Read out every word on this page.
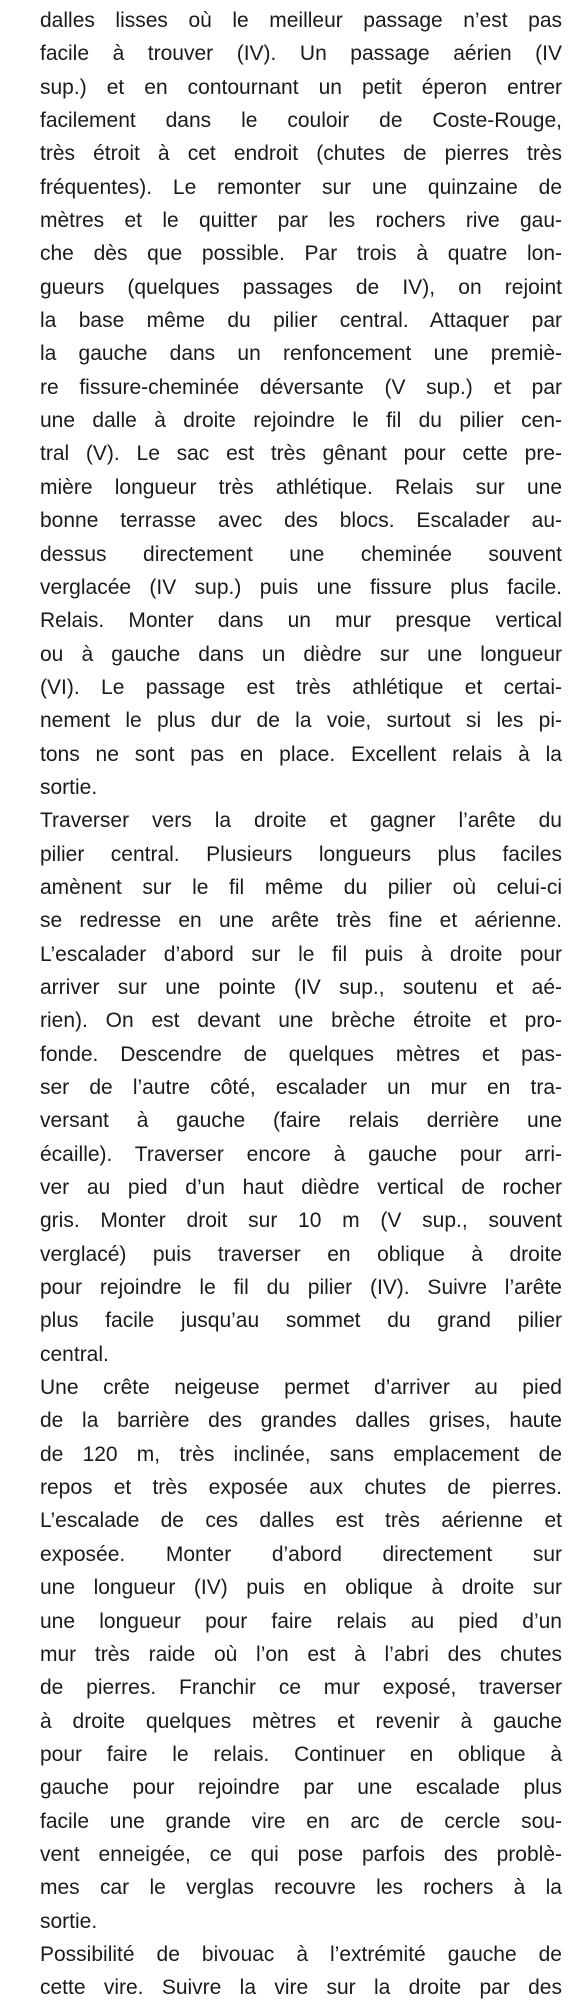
dalles lisses où le meilleur passage n’est pas

facile à trouver (IV). Un passage aérien (IV

sup.) et en contournant un petit éperon entrer

facilement dans le couloir de Coste-Rouge,

très étroit à cet endroit (chutes de pierres très

fréquentes). Le remonter sur une quinzaine de

mètres et le quitter par les rochers rive gau-

che dès que possible. Par trois à quatre lon-

gueurs (quelques passages de IV), on rejoint

la base même du pilier central. Attaquer par

la gauche dans un renfoncement une premiè-

re fissure-cheminée déversante (V sup.) et par

une dalle à droite rejoindre le fil du pilier cen-

tral (V). Le sac est très gênant pour cette pre-

mière longueur très athlétique. Relais sur une

bonne terrasse avec des blocs. Escalader au-

dessus directement une cheminée souvent

verglacée (IV sup.) puis une fissure plus facile.

Relais. Monter dans un mur presque vertical

ou à gauche dans un dièdre sur une longueur

(VI). Le passage est très athlétique et certai-

nement le plus dur de la voie, surtout si les pi-

tons ne sont pas en place. Excellent relais à la

sortie.

Traverser vers la droite et gagner l’arête du

pilier central. Plusieurs longueurs plus faciles

amènent sur le fil même du pilier où celui-ci

se redresse en une arête très fine et aérienne.

L’escalader d’abord sur le fil puis à droite pour

arriver sur une pointe (IV sup., soutenu et aé-

rien). On est devant une brèche étroite et pro-

fonde. Descendre de quelques mètres et pas-

ser de l’autre côté, escalader un mur en tra-

versant à gauche (faire relais derrière une

écaille). Traverser encore à gauche pour arri-

ver au pied d’un haut dièdre vertical de rocher

gris. Monter droit sur 10 m (V sup., souvent

verglacé) puis traverser en oblique à droite

pour rejoindre le fil du pilier (IV). Suivre l’arête

plus facile jusqu’au sommet du grand pilier

central.

Une crête neigeuse permet d’arriver au pied

de la barrière des grandes dalles grises, haute

de 120 m, très inclinée, sans emplacement de

repos et très exposée aux chutes de pierres.

L’escalade de ces dalles est très aérienne et

exposée. Monter d’abord directement sur

une longueur (IV) puis en oblique à droite sur

une longueur pour faire relais au pied d’un

mur très raide où l’on est à l’abri des chutes

de pierres. Franchir ce mur exposé, traverser

à droite quelques mètres et revenir à gauche

pour faire le relais. Continuer en oblique à

gauche pour rejoindre par une escalade plus

facile une grande vire en arc de cercle sou-

vent enneigée, ce qui pose parfois des problè-

mes car le verglas recouvre les rochers à la

sortie.

Possibilité de bivouac à l’extrémité gauche de

cette vire. Suivre la vire sur la droite par des
